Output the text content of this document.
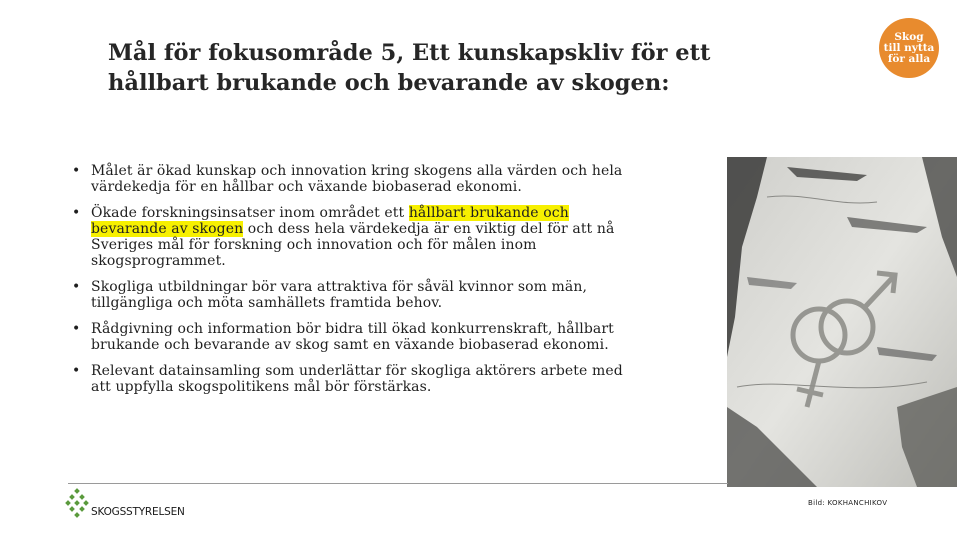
Mål för fokusområde 5, Ett kunskapskliv för ett
hållbart brukande och bevarande av skogen:
Skog
till nytta
för alla
• Målet är ökad kunskap och innovation kring skogens alla värden och hela värdekedja för en hållbar och växande biobaserad ekonomi.
• Ökade forskningsinsatser inom området ett hållbart brukande och bevarande av skogen och dess hela värdekedja är en viktig del för att nå Sveriges mål för forskning och innovation och för målen inom skogsprogrammet.
• Skogliga utbildningar bör vara attraktiva för såväl kvinnor som män, tillgängliga och möta samhällets framtida behov.
• Rådgivning och information bör bidra till ökad konkurrenskraft, hållbart brukande och bevarande av skog samt en växande biobaserad ekonomi.
• Relevant datainsamling som underlättar för skogliga aktörers arbete med att uppfylla skogspolitikens mål bör förstärkas.
Bild: KOKHANCHIKOV
SKOGSSTYRELSEN
